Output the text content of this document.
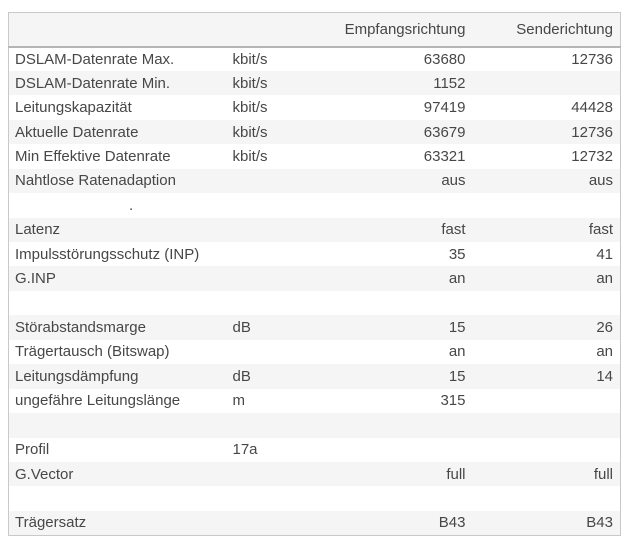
		Empfangsrichtung	Senderichtung
DSLAM-Datenrate Max.	kbit/s	63680	12736
DSLAM-Datenrate Min.	kbit/s	1152	
Leitungskapazität	kbit/s	97419	44428
Aktuelle Datenrate	kbit/s	63679	12736
Min Effektive Datenrate	kbit/s	63321	12732
Nahtlose Ratenadaption		aus	aus
.			
Latenz		fast	fast
Impulsstörungsschutz (INP)		35	41
G.INP		an	an

Störabstandsmarge	dB	15	26
Trägertausch (Bitswap)		an	an
Leitungsdämpfung	dB	15	14
ungefähre Leitungslänge	m	315	

Profil	17a		
G.Vector		full	full

Trägersatz		B43	B43
